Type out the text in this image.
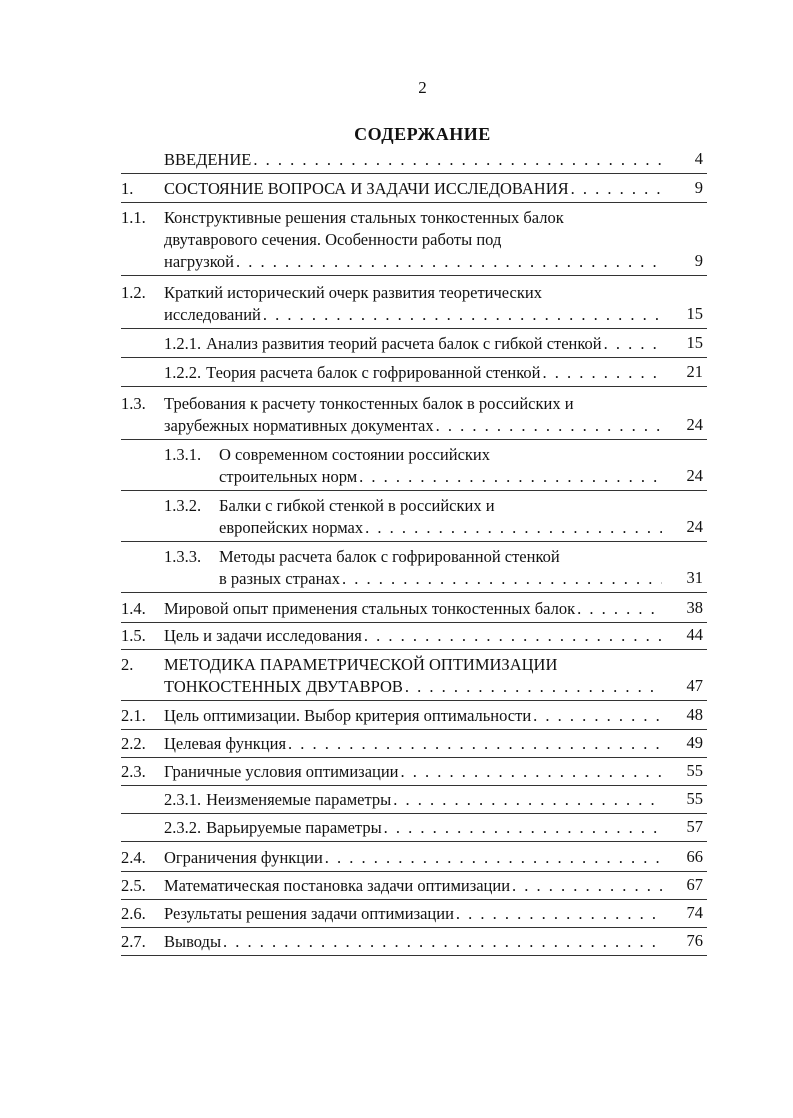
2
СОДЕРЖАНИЕ
ВВЕДЕНИЕ . . .	4
1. СОСТОЯНИЕ ВОПРОСА И ЗАДАЧИ ИССЛЕДОВАНИЯ . . .	9
1.1. Конструктивные решения стальных тонкостенных балок
двутаврового сечения. Особенности работы под
нагрузкой . . .	9
1.2. Краткий исторический очерк развития теоретических
исследований . . .	15
1.2.1. Анализ развития теорий расчета балок с гибкой стенкой . . .	15
1.2.2. Теория расчета балок с гофрированной стенкой . . .	21
1.3. Требования к расчету тонкостенных балок в российских и
зарубежных нормативных документах . . .	24
1.3.1. О современном состоянии российских
строительных норм . . .	24
1.3.2. Балки с гибкой стенкой в российских и
европейских нормах . . .	24
1.3.3. Методы расчета балок с гофрированной стенкой
в разных странах . . .	31
1.4. Мировой опыт применения стальных тонкостенных балок . . .	38
1.5. Цель и задачи исследования . . .	44
2. МЕТОДИКА ПАРАМЕТРИЧЕСКОЙ ОПТИМИЗАЦИИ
ТОНКОСТЕННЫХ ДВУТАВРОВ . . .	47
2.1. Цель оптимизации. Выбор критерия оптимальности . . .	48
2.2. Целевая функция . . .	49
2.3. Граничные условия оптимизации . . .	55
2.3.1. Неизменяемые параметры . . .	55
2.3.2. Варьируемые параметры . . .	57
2.4. Ограничения функции . . .	66
2.5. Математическая постановка задачи оптимизации . . .	67
2.6. Результаты решения задачи оптимизации . . .	74
2.7. Выводы . . .	76
